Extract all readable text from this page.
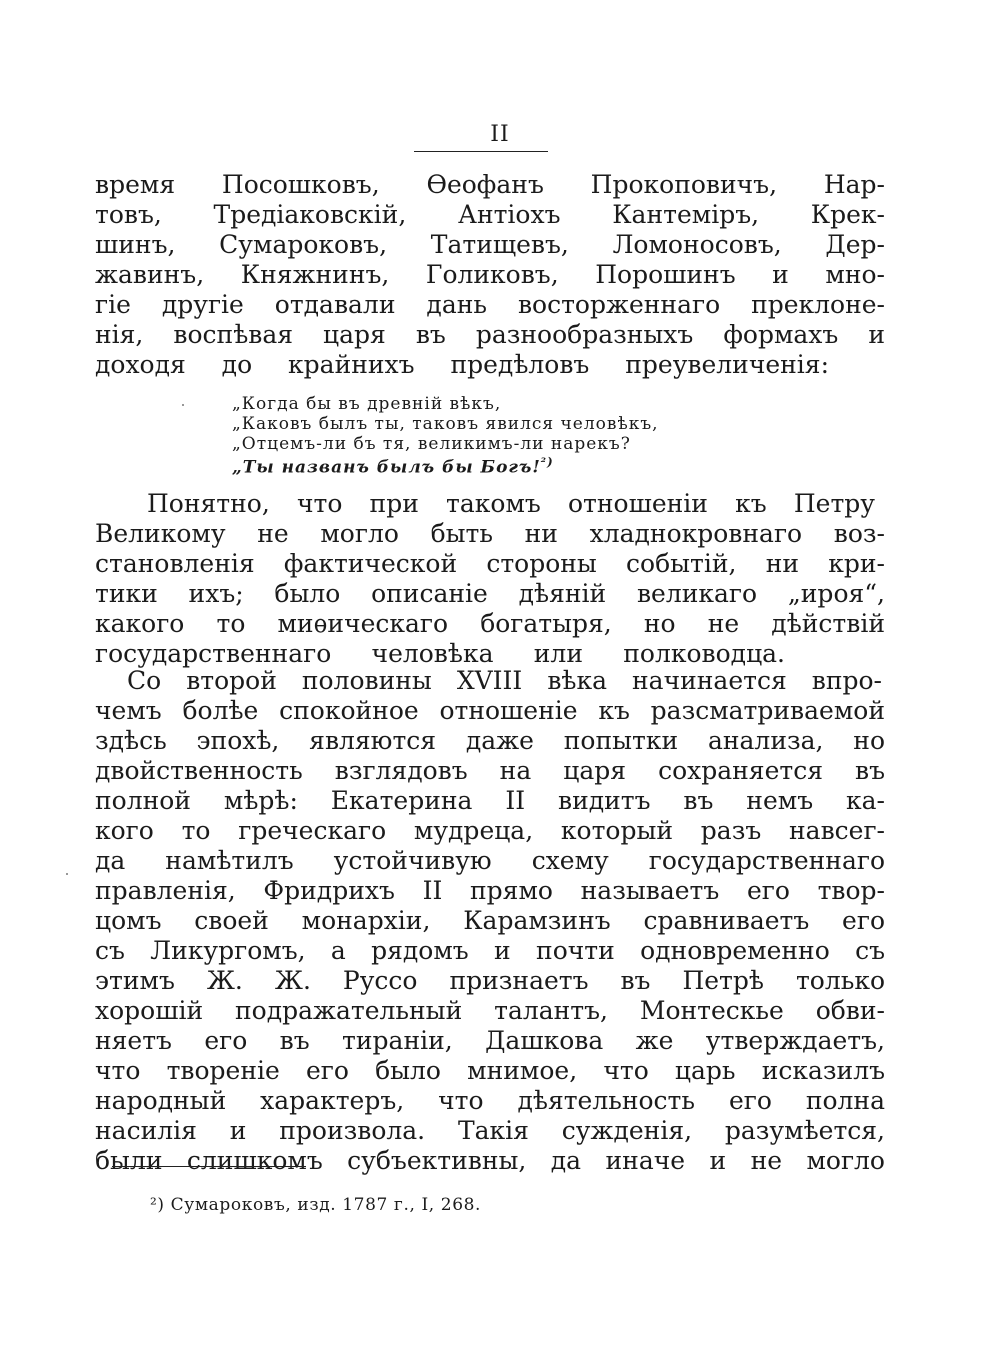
II
время Посошковъ, Өеофанъ Прокоповичъ, Нар-
товъ, Тредіаковскій, Антіохъ Кантеміръ, Крек-
шинъ, Сумароковъ, Татищевъ, Ломоносовъ, Дер-
жавинъ, Княжнинъ, Голиковъ, Порошинъ и мно-
гіе другіе отдавали дань восторженнаго преклоне-
нія, воспѣвая царя въ разнообразныхъ формахъ и
доходя до крайнихъ предѣловъ преувеличенія:
„Когда бы въ древній вѣкъ,
„Каковъ былъ ты, таковъ явился человѣкъ,
„Отцемъ-ли бъ тя, великимъ-ли нарекъ?
„Ты названъ былъ бы Богъ!$^{^2)}$
Понятно, что при такомъ отношеніи къ Петру
Великому не могло быть ни хладнокровнаго воз-
становленія фактической стороны событій, ни кри-
тики ихъ; было описаніе дѣяній великаго „ироя“,
какого то миѳическаго богатыря, но не дѣйствій
государственнаго человѣка или полководца.
Со второй половины XVIII вѣка начинается впро-
чемъ болѣе спокойное отношеніе къ разсматриваемой
здѣсь эпохѣ, являются даже попытки анализа, но
двойственность взглядовъ на царя сохраняется въ
полной мѣрѣ: Екатерина II видитъ въ немъ ка-
кого то греческаго мудреца, который разъ навсег-
да намѣтилъ устойчивую схему государственнаго
правленія, Фридрихъ II прямо называетъ его твор-
цомъ своей монархіи, Карамзинъ сравниваетъ его
съ Ликургомъ, а рядомъ и почти одновременно съ
этимъ Ж. Ж. Руссо признаетъ въ Петрѣ только
хорошій подражательный талантъ, Монтескье обви-
няетъ его въ тираніи, Дашкова же утверждаетъ,
что твореніе его было мнимое, что царь исказилъ
народный характеръ, что дѣятельность его полна
насилія и произвола. Такія сужденія, разумѣется,
были слишкомъ субъективны, да иначе и не могло
²) Сумароковъ, изд. 1787 г., I, 268.
